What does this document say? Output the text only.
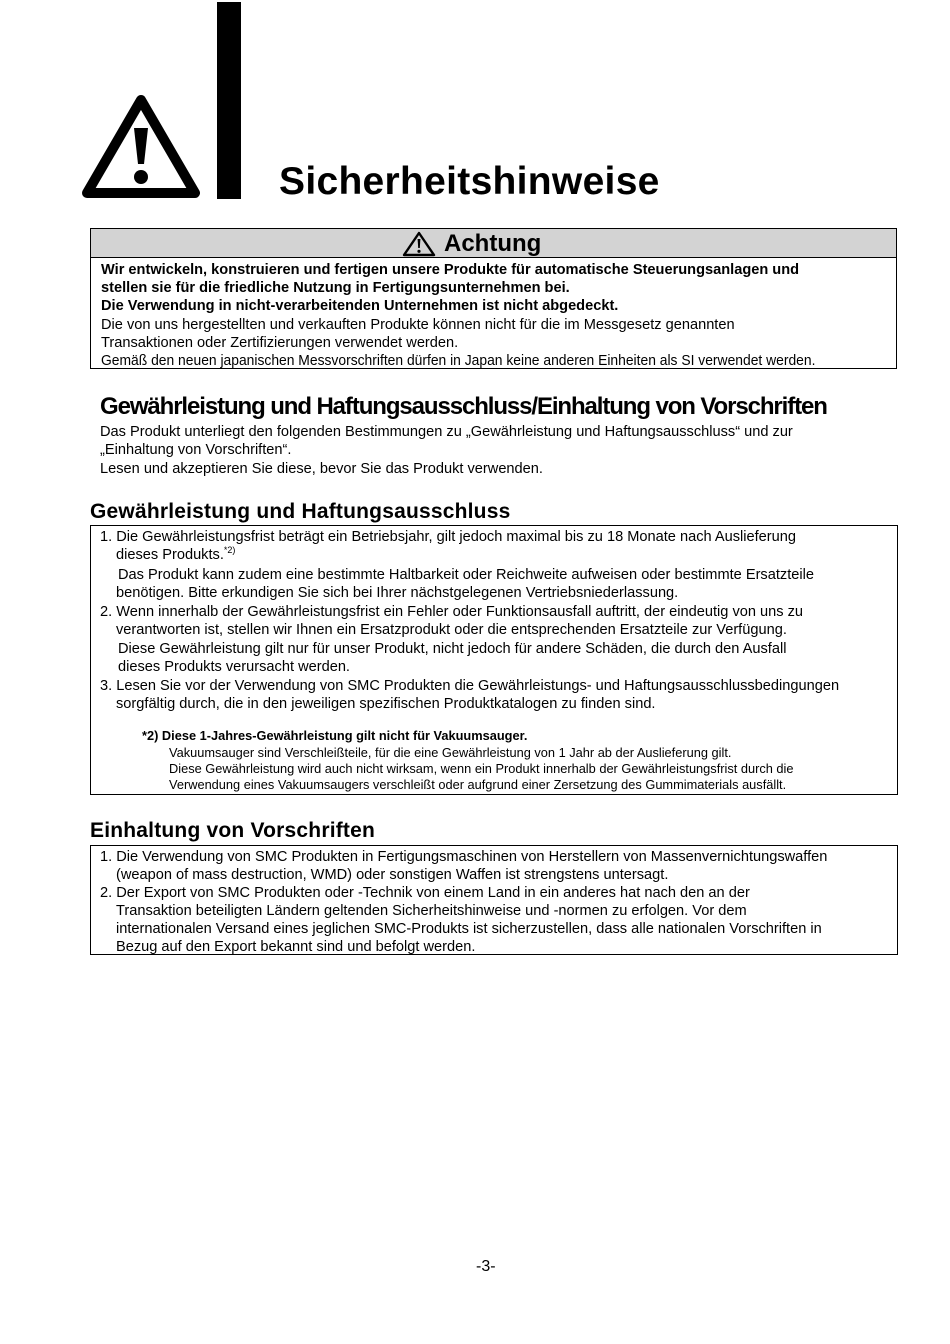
Sicherheitshinweise
Achtung
Wir entwickeln, konstruieren und fertigen unsere Produkte für automatische Steuerungsanlagen und
stellen sie für die friedliche Nutzung in Fertigungsunternehmen bei.
Die Verwendung in nicht-verarbeitenden Unternehmen ist nicht abgedeckt.
Die von uns hergestellten und verkauften Produkte können nicht für die im Messgesetz genannten
Transaktionen oder Zertifizierungen verwendet werden.
Gemäß den neuen japanischen Messvorschriften dürfen in Japan keine anderen Einheiten als SI verwendet werden.
Gewährleistung und Haftungsausschluss/Einhaltung von Vorschriften
Das Produkt unterliegt den folgenden Bestimmungen zu „Gewährleistung und Haftungsausschluss“ und zur
„Einhaltung von Vorschriften“.
Lesen und akzeptieren Sie diese, bevor Sie das Produkt verwenden.
Gewährleistung und Haftungsausschluss
1. Die Gewährleistungsfrist beträgt ein Betriebsjahr, gilt jedoch maximal bis zu 18 Monate nach Auslieferung
dieses Produkts.$^{*2)}$
Das Produkt kann zudem eine bestimmte Haltbarkeit oder Reichweite aufweisen oder bestimmte Ersatzteile
benötigen. Bitte erkundigen Sie sich bei Ihrer nächstgelegenen Vertriebsniederlassung.
2. Wenn innerhalb der Gewährleistungsfrist ein Fehler oder Funktionsausfall auftritt, der eindeutig von uns zu
verantworten ist, stellen wir Ihnen ein Ersatzprodukt oder die entsprechenden Ersatzteile zur Verfügung.
Diese Gewährleistung gilt nur für unser Produkt, nicht jedoch für andere Schäden, die durch den Ausfall
dieses Produkts verursacht werden.
3. Lesen Sie vor der Verwendung von SMC Produkten die Gewährleistungs- und Haftungsausschlussbedingungen
sorgfältig durch, die in den jeweiligen spezifischen Produktkatalogen zu finden sind.
*2) Diese 1-Jahres-Gewährleistung gilt nicht für Vakuumsauger.
Vakuumsauger sind Verschleißteile, für die eine Gewährleistung von 1 Jahr ab der Auslieferung gilt.
Diese Gewährleistung wird auch nicht wirksam, wenn ein Produkt innerhalb der Gewährleistungsfrist durch die
Verwendung eines Vakuumsaugers verschleißt oder aufgrund einer Zersetzung des Gummimaterials ausfällt.
Einhaltung von Vorschriften
1. Die Verwendung von SMC Produkten in Fertigungsmaschinen von Herstellern von Massenvernichtungswaffen
(weapon of mass destruction, WMD) oder sonstigen Waffen ist strengstens untersagt.
2. Der Export von SMC Produkten oder -Technik von einem Land in ein anderes hat nach den an der
Transaktion beteiligten Ländern geltenden Sicherheitshinweise und -normen zu erfolgen. Vor dem
internationalen Versand eines jeglichen SMC-Produkts ist sicherzustellen, dass alle nationalen Vorschriften in
Bezug auf den Export bekannt sind und befolgt werden.
-3-
